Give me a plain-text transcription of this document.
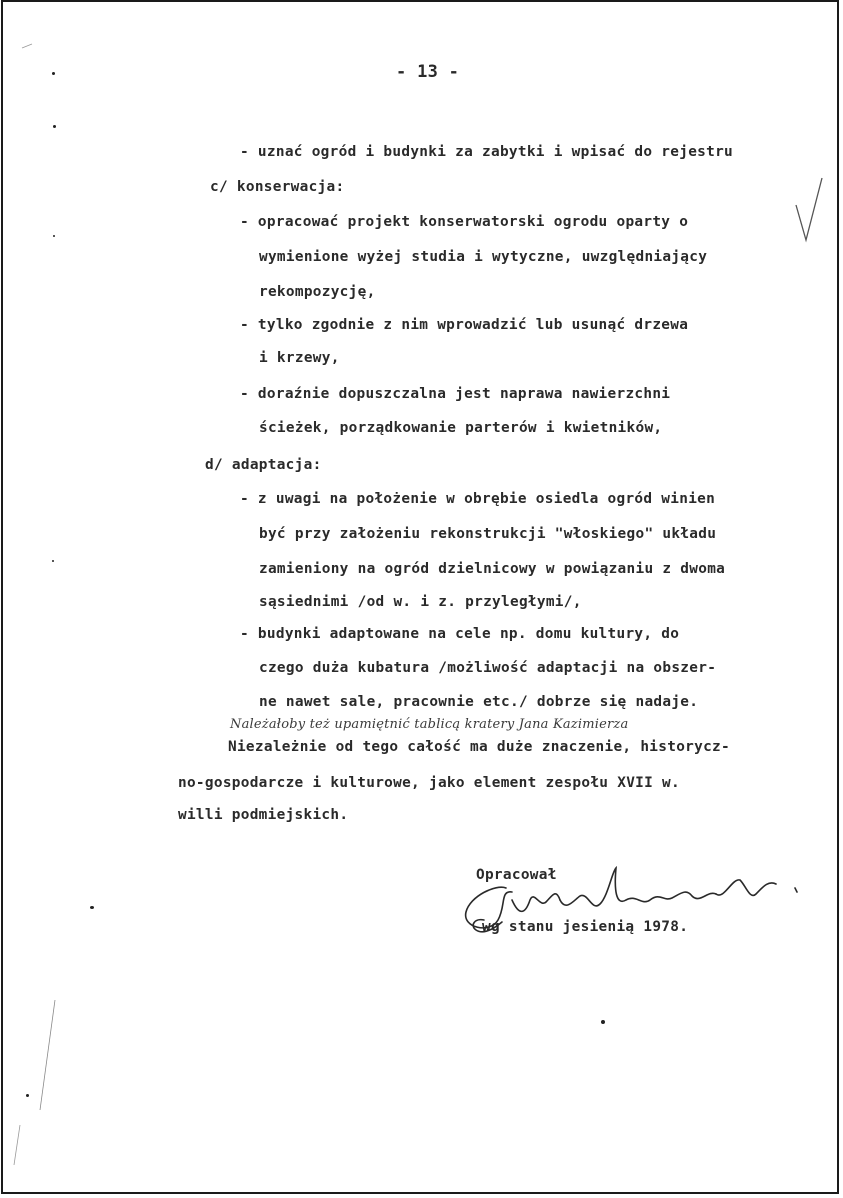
- 13 -
- uznać ogród i budynki za zabytki i wpisać do rejestru
c/ konserwacja:
- opracować projekt konserwatorski ogrodu oparty o
wymienione wyżej studia i wytyczne, uwzględniający
rekompozycję,
- tylko zgodnie z nim wprowadzić lub usunąć drzewa
i krzewy,
- doraźnie dopuszczalna jest naprawa nawierzchni
ścieżek, porządkowanie parterów i kwietników,
d/ adaptacja:
- z uwagi na położenie w obrębie osiedla ogród winien
być przy założeniu rekonstrukcji "włoskiego" układu
zamieniony na ogród dzielnicowy w powiązaniu z dwoma
sąsiednimi /od w. i z. przyległymi/,
- budynki adaptowane na cele np. domu kultury, do
czego duża kubatura /możliwość adaptacji na obszer-
ne nawet sale, pracownie etc./ dobrze się nadaje.
Niezależnie od tego całość ma duże znaczenie, historycz-
no-gospodarcze i kulturowe, jako element zespołu XVII w.
willi podmiejskich.
Należałoby też upamiętnić tablicą kratery Jana Kazimierza
Opracował
wg stanu jesienią 1978.
